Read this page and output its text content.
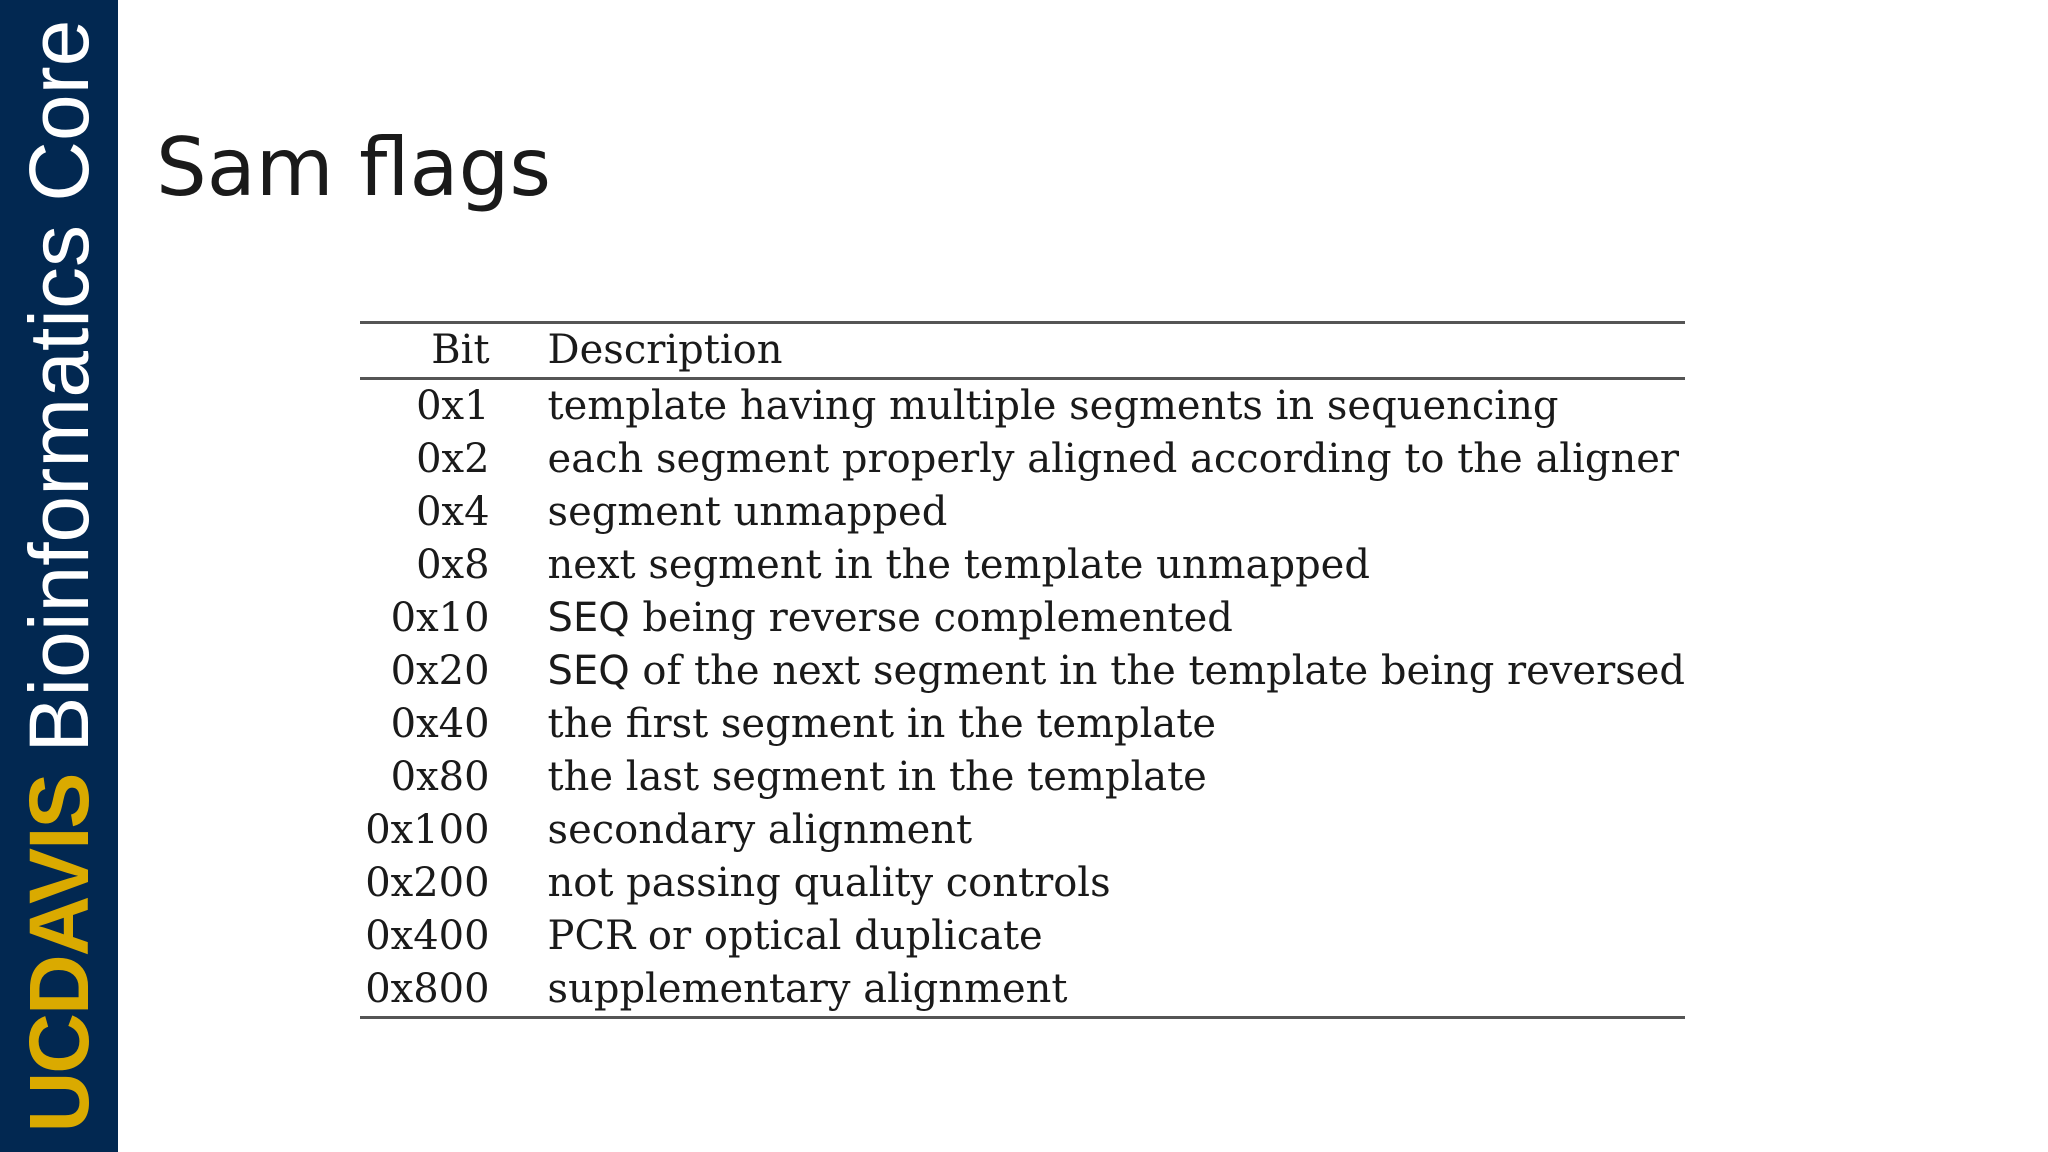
UC
DAVIS
Bioinformatics Core Sam flags
Bit	Description
0x1	template having multiple segments in sequencing
0x2	each segment properly aligned according to the aligner
0x4	segment unmapped
0x8	next segment in the template unmapped
0x10	SEQ being reverse complemented
0x20	SEQ of the next segment in the template being reversed
0x40	the first segment in the template
0x80	the last segment in the template
0x100	secondary alignment
0x200	not passing quality controls
0x400	PCR or optical duplicate
0x800	supplementary alignment
